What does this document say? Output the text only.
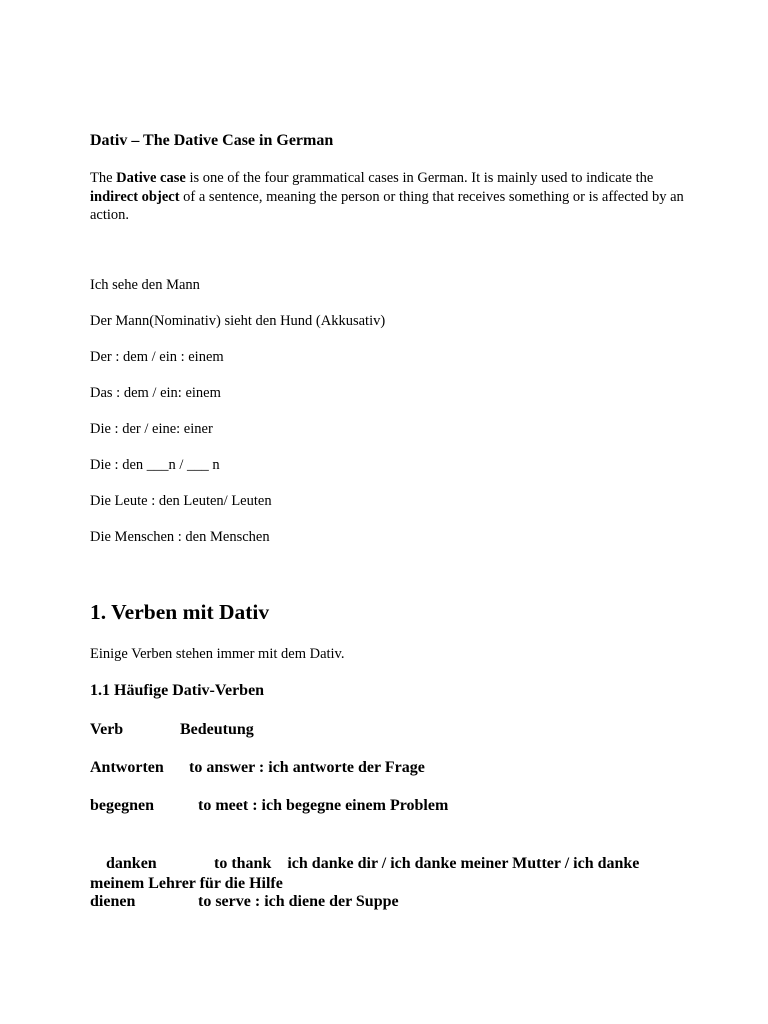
Dativ – The Dative Case in German

The Dative case is one of the four grammatical cases in German. It is mainly used to indicate the indirect object of a sentence, meaning the person or thing that receives something or is affected by an action.

Ich sehe den Mann

Der Mann(Nominativ) sieht den Hund (Akkusativ)

Der : dem / ein : einem

Das : dem / ein: einem

Die : der / eine: einer

Die : den ___n / ___ n

Die Leute : den Leuten/ Leuten

Die Menschen : den Menschen

1. Verben mit Dativ

Einige Verben stehen immer mit dem Dativ.

1.1 Häufige Dativ-Verben
Verb	Bedeutung
Antworten to answer : ich antworte der Frage
begegnen	to meet : ich begegne einem Problem

danken	to thank    ich danke dir / ich danke meiner Mutter / ich danke meinem Lehrer für die Hilfe

dienen	to serve : ich diene der Suppe
